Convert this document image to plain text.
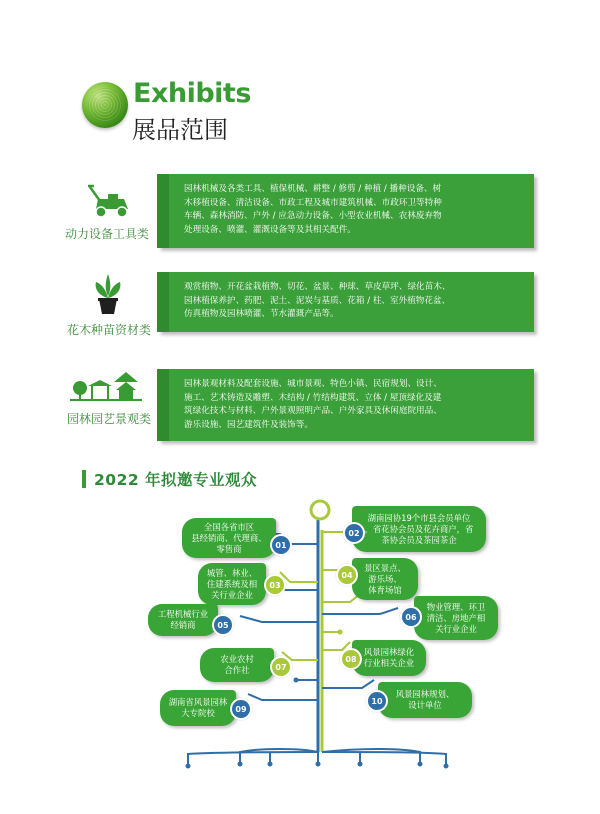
Exhibits
展品范围
动力设备工具类
园林机械及各类工具、植保机械、耕整 / 修剪 / 种植 / 播种设备、树
木移植设备、清洁设备、市政工程及城市建筑机械、市政环卫等特种
车辆、森林消防、户外 / 应急动力设备、小型农业机械、农林废弃物
处理设备、喷灌、灌溉设备等及其相关配件。
花木种苗资材类
观赏植物、开花盆栽植物、切花、盆景、种球、草皮草坪、绿化苗木、
园林植保养护、药肥、泥土、泥炭与基质、花箱 / 柱、室外植物花盆、
仿真植物及园林喷灌、节水灌溉产品等。
园林园艺景观类
园林景观材料及配套设施、城市景观、特色小镇、民宿规划、设计、
施工、艺术铸造及雕塑、木结构 / 竹结构建筑、立体 / 屋顶绿化及建
筑绿化技术与材料、户外景观照明产品、户外家具及休闲庭院用品、
游乐设施、园艺建筑件及装饰等。
2022 年拟邀专业观众
全国各省市区
县经销商、代理商、
零售商	01
湖南园协19个市县会员单位
，省花协会员及花卉商户，省
茶协会员及茶园茶企
02
城管、林业、
住建系统及相
关行业企业
03
景区景点、
游乐场、
体育场馆
04
工程机械行业
经销商	05
物业管理、环卫
清洁、房地产相
关行业企业
06
农业农村
合作社	07
风景园林绿化
行业相关企业
08
湖南省风景园林
大专院校	09
风景园林规划、
设计单位
10
